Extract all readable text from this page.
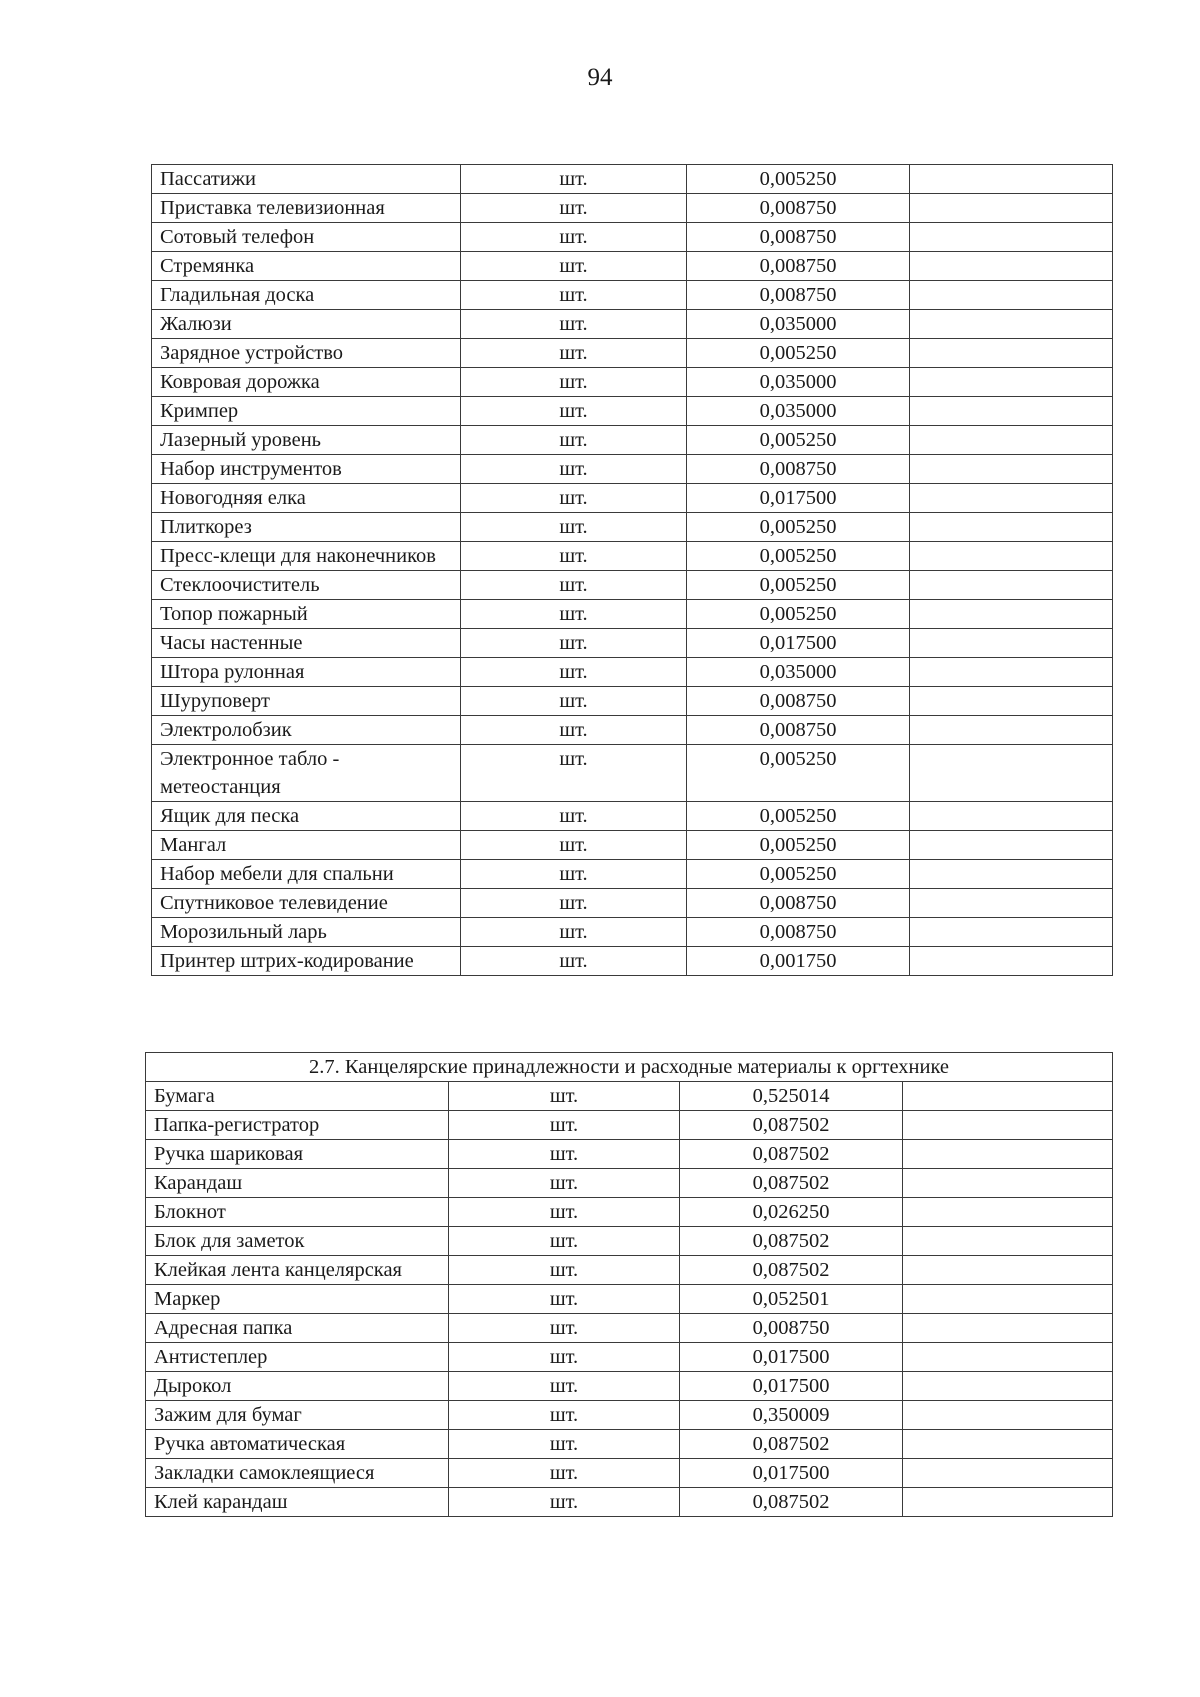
94
Пассатижи	шт.	0,005250	
Приставка телевизионная	шт.	0,008750	
Сотовый телефон	шт.	0,008750	
Стремянка	шт.	0,008750	
Гладильная доска	шт.	0,008750	
Жалюзи	шт.	0,035000	
Зарядное устройство	шт.	0,005250	
Ковровая дорожка	шт.	0,035000	
Кримпер	шт.	0,035000	
Лазерный уровень	шт.	0,005250	
Набор инструментов	шт.	0,008750	
Новогодняя елка	шт.	0,017500	
Плиткорез	шт.	0,005250	
Пресс-клещи для наконечников	шт.	0,005250	
Стеклоочиститель	шт.	0,005250	
Топор пожарный	шт.	0,005250	
Часы настенные	шт.	0,017500	
Штора рулонная	шт.	0,035000	
Шуруповерт	шт.	0,008750	
Электролобзик	шт.	0,008750	
Электронное табло - метеостанция	шт.	0,005250	
Ящик для песка	шт.	0,005250	
Мангал	шт.	0,005250	
Набор мебели для спальни	шт.	0,005250	
Спутниковое телевидение	шт.	0,008750	
Морозильный ларь	шт.	0,008750	
Принтер штрих-кодирование	шт.	0,001750	
2.7. Канцелярские принадлежности и расходные материалы к оргтехнике			
Бумага	шт.	0,525014	
Папка-регистратор	шт.	0,087502	
Ручка шариковая	шт.	0,087502	
Карандаш	шт.	0,087502	
Блокнот	шт.	0,026250	
Блок для заметок	шт.	0,087502	
Клейкая лента канцелярская	шт.	0,087502	
Маркер	шт.	0,052501	
Адресная папка	шт.	0,008750	
Антистеплер	шт.	0,017500	
Дырокол	шт.	0,017500	
Зажим для бумаг	шт.	0,350009	
Ручка автоматическая	шт.	0,087502	
Закладки самоклеящиеся	шт.	0,017500	
Клей карандаш	шт.	0,087502	
